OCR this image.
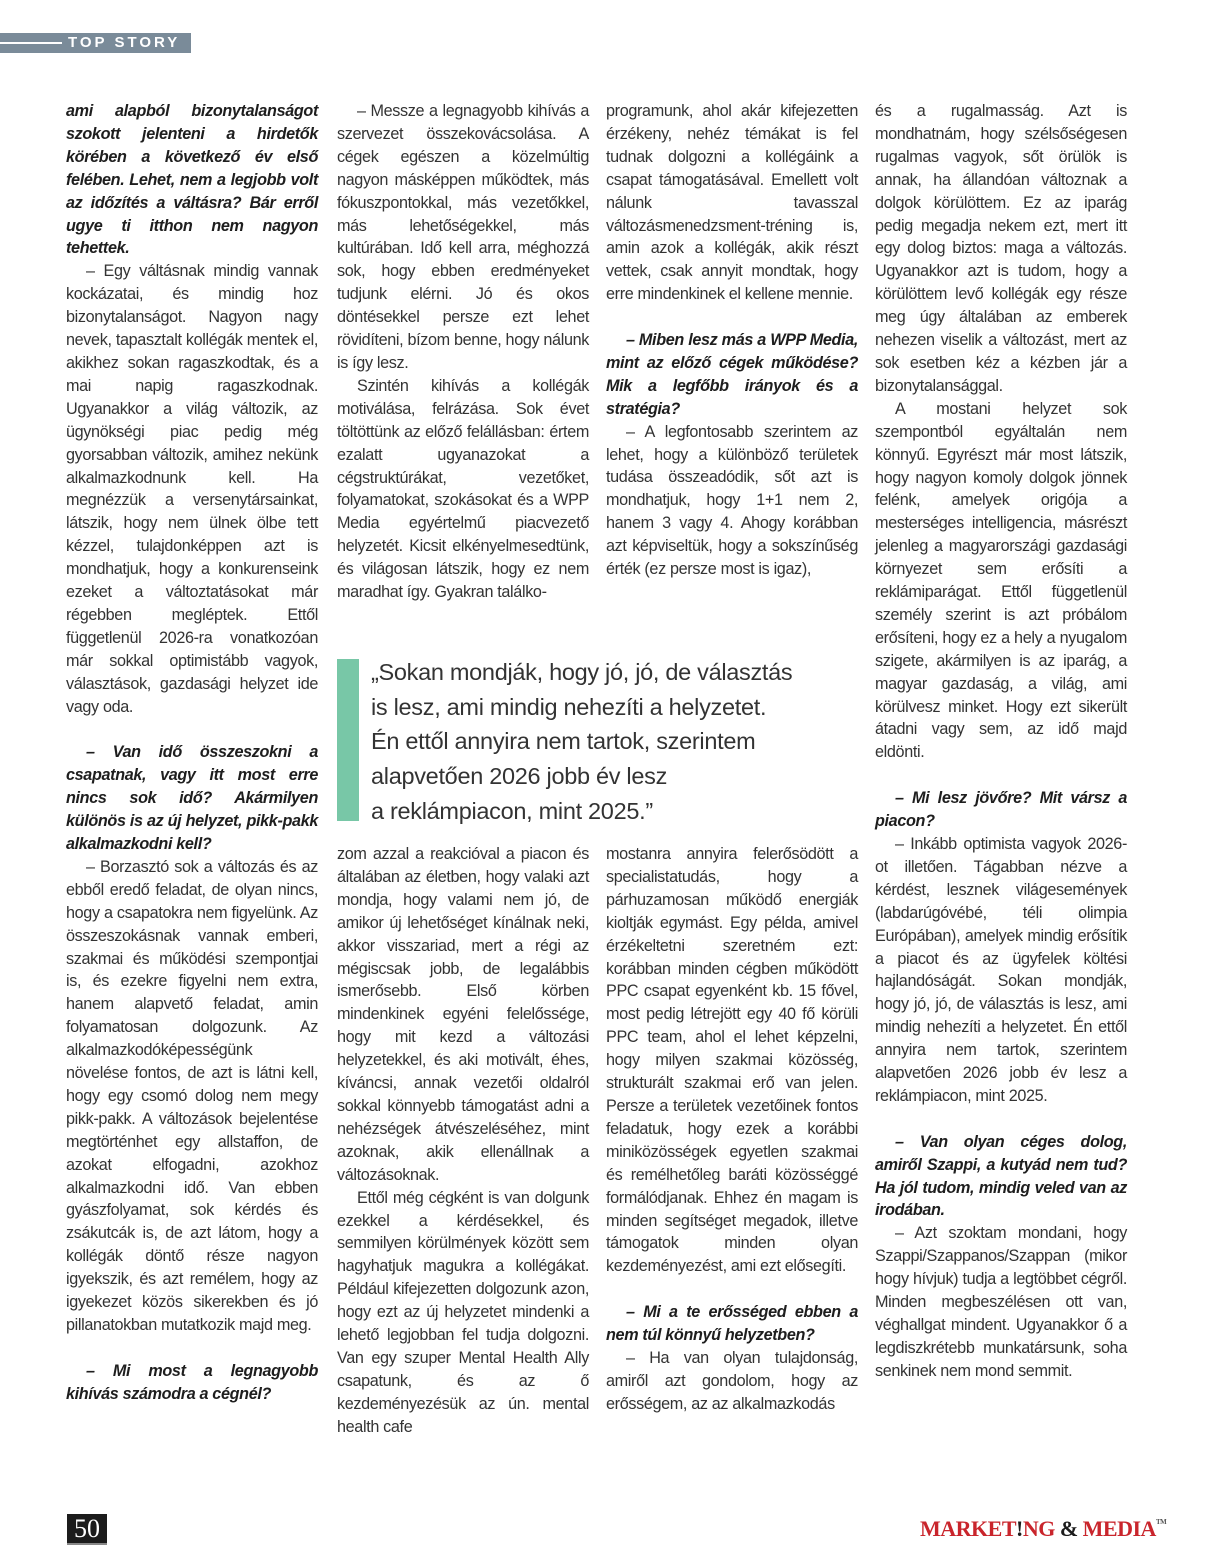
TOP STORY

ami alapból bizonytalanságot szokott jelenteni a hirdetők körében a következő év első felében. Lehet, nem a legjobb volt az időzítés a váltásra? Bár erről ugye ti itthon nem nagyon tehettek.

– Egy váltásnak mindig vannak kockázatai, és mindig hoz bizonytalanságot. Nagyon nagy nevek, tapasztalt kollégák mentek el, akikhez sokan ragaszkodtak, és a mai napig ragaszkodnak. Ugyanakkor a világ változik, az ügynökségi piac pedig még gyorsabban változik, amihez nekünk alkalmazkodnunk kell. Ha megnézzük a versenytársainkat, látszik, hogy nem ülnek ölbe tett kézzel, tulajdonképpen azt is mondhatjuk, hogy a konkurenseink ezeket a változtatásokat már régebben megléptek. Ettől függetlenül 2026-ra vonatkozóan már sokkal optimistább vagyok, választások, gazdasági helyzet ide vagy oda.

– Van idő összeszokni a csapatnak, vagy itt most erre nincs sok idő? Akármilyen különös is az új helyzet, pikk-pakk alkalmazkodni kell?

– Borzasztó sok a változás és az ebből eredő feladat, de olyan nincs, hogy a csapatokra nem figyelünk. Az összeszokásnak vannak emberi, szakmai és működési szempontjai is, és ezekre figyelni nem extra, hanem alapvető feladat, amin folyamatosan dolgozunk. Az alkalmazkodóképességünk növelése fontos, de azt is látni kell, hogy egy csomó dolog nem megy pikk-pakk. A változások bejelentése megtörténhet egy allstaffon, de azokat elfogadni, azokhoz alkalmazkodni idő. Van ebben gyászfolyamat, sok kérdés és zsákutcák is, de azt látom, hogy a kollégák döntő része nagyon igyekszik, és azt remélem, hogy az igyekezet közös sikerekben és jó pillanatokban mutatkozik majd meg.

– Mi most a legnagyobb kihívás számodra a cégnél?

– Messze a legnagyobb kihívás a szervezet összekovácsolása. A cégek egészen a közelmúltig nagyon másképpen működtek, más fókuszpontokkal, más vezetőkkel, más lehetőségekkel, más kultúrában. Idő kell arra, méghozzá sok, hogy ebben eredményeket tudjunk elérni. Jó és okos döntésekkel persze ezt lehet rövidíteni, bízom benne, hogy nálunk is így lesz.

Szintén kihívás a kollégák motiválása, felrázása. Sok évet töltöttünk az előző felállásban: értem ezalatt ugyanazokat a cégstruktúrákat, vezetőket, folyamatokat, szokásokat és a WPP Media egyértelmű piacvezető helyzetét. Kicsit elkényelmesedtünk, és világosan látszik, hogy ez nem maradhat így. Gyakran találko-

programunk, ahol akár kifejezetten érzékeny, nehéz témákat is fel tudnak dolgozni a kollégáink a csapat támogatásával. Emellett volt nálunk tavasszal változásmenedzsment-tréning is, amin azok a kollégák, akik részt vettek, csak annyit mondtak, hogy erre mindenkinek el kellene mennie.

– Miben lesz más a WPP Media, mint az előző cégek működése? Mik a legfőbb irányok és a stratégia?

– A legfontosabb szerintem az lehet, hogy a különböző területek tudása összeadódik, sőt azt is mondhatjuk, hogy 1+1 nem 2, hanem 3 vagy 4. Ahogy korábban azt képviseltük, hogy a sokszínűség érték (ez persze most is igaz),

és a rugalmasság. Azt is mondhatnám, hogy szélsőségesen rugalmas vagyok, sőt örülök is annak, ha állandóan változnak a dolgok körülöttem. Ez az iparág pedig megadja nekem ezt, mert itt egy dolog biztos: maga a változás. Ugyanakkor azt is tudom, hogy a körülöttem levő kollégák egy része meg úgy általában az emberek nehezen viselik a változást, mert az sok esetben kéz a kézben jár a bizonytalansággal.

A mostani helyzet sok szempontból egyáltalán nem könnyű. Egyrészt már most látszik, hogy nagyon komoly dolgok jönnek felénk, amelyek origója a mesterséges intelligencia, másrészt jelenleg a magyarországi gazdasági környezet sem erősíti a reklámiparágat. Ettől függetlenül személy szerint is azt próbálom erősíteni, hogy ez a hely a nyugalom szigete, akármilyen is az iparág, a magyar gazdaság, a világ, ami körülvesz minket. Hogy ezt sikerült átadni vagy sem, az idő majd eldönti.

– Mi lesz jövőre? Mit vársz a piacon?

– Inkább optimista vagyok 2026-ot illetően. Tágabban nézve a kérdést, lesznek világesemények (labdarúgóvébé, téli olimpia Európában), amelyek mindig erősítik a piacot és az ügyfelek költési hajlandóságát. Sokan mondják, hogy jó, jó, de választás is lesz, ami mindig nehezíti a helyzetet. Én ettől annyira nem tartok, szerintem alapvetően 2026 jobb év lesz a reklámpiacon, mint 2025.

– Van olyan céges dolog, amiről Szappi, a kutyád nem tud? Ha jól tudom, mindig veled van az irodában.

– Azt szoktam mondani, hogy Szappi/Szappanos/Szappan (mikor hogy hívjuk) tudja a legtöbbet cégről. Minden megbeszélésen ott van, véghallgat mindent. Ugyanakkor ő a legdiszkrétebb munkatársunk, soha senkinek nem mond semmit.

„Sokan mondják, hogy jó, jó, de választás
is lesz, ami mindig nehezíti a helyzetet.
Én ettől annyira nem tartok, szerintem
alapvetően 2026 jobb év lesz
a reklámpiacon, mint 2025.”

zom azzal a reakcióval a piacon és általában az életben, hogy valaki azt mondja, hogy valami nem jó, de amikor új lehetőséget kínálnak neki, akkor visszariad, mert a régi az mégiscsak jobb, de legalábbis ismerősebb. Első körben mindenkinek egyéni felelőssége, hogy mit kezd a változási helyzetekkel, és aki motivált, éhes, kíváncsi, annak vezetői oldalról sokkal könnyebb támogatást adni a nehézségek átvészeléséhez, mint azoknak, akik ellenállnak a változásoknak.

Ettől még cégként is van dolgunk ezekkel a kérdésekkel, és semmilyen körülmények között sem hagyhatjuk magukra a kollégákat. Például kifejezetten dolgozunk azon, hogy ezt az új helyzetet mindenki a lehető legjobban fel tudja dolgozni. Van egy szuper Mental Health Ally csapatunk, és az ő kezdeményezésük az ún. mental health cafe

mostanra annyira felerősödött a specialistatudás, hogy a párhuzamosan működő energiák kioltják egymást. Egy példa, amivel érzékeltetni szeretném ezt: korábban minden cégben működött PPC csapat egyenként kb. 15 fővel, most pedig létrejött egy 40 fő körüli PPC team, ahol el lehet képzelni, hogy milyen szakmai közösség, strukturált szakmai erő van jelen. Persze a területek vezetőinek fontos feladatuk, hogy ezek a korábbi miniközösségek egyetlen szakmai és remélhetőleg baráti közösséggé formálódjanak. Ehhez én magam is minden segítséget megadok, illetve támogatok minden olyan kezdeményezést, ami ezt elősegíti.

– Mi a te erősséged ebben a nem túl könnyű helyzetben?

– Ha van olyan tulajdonság, amiről azt gondolom, hogy az erősségem, az az alkalmazkodás

50	MARKET!NG & MEDIA™
